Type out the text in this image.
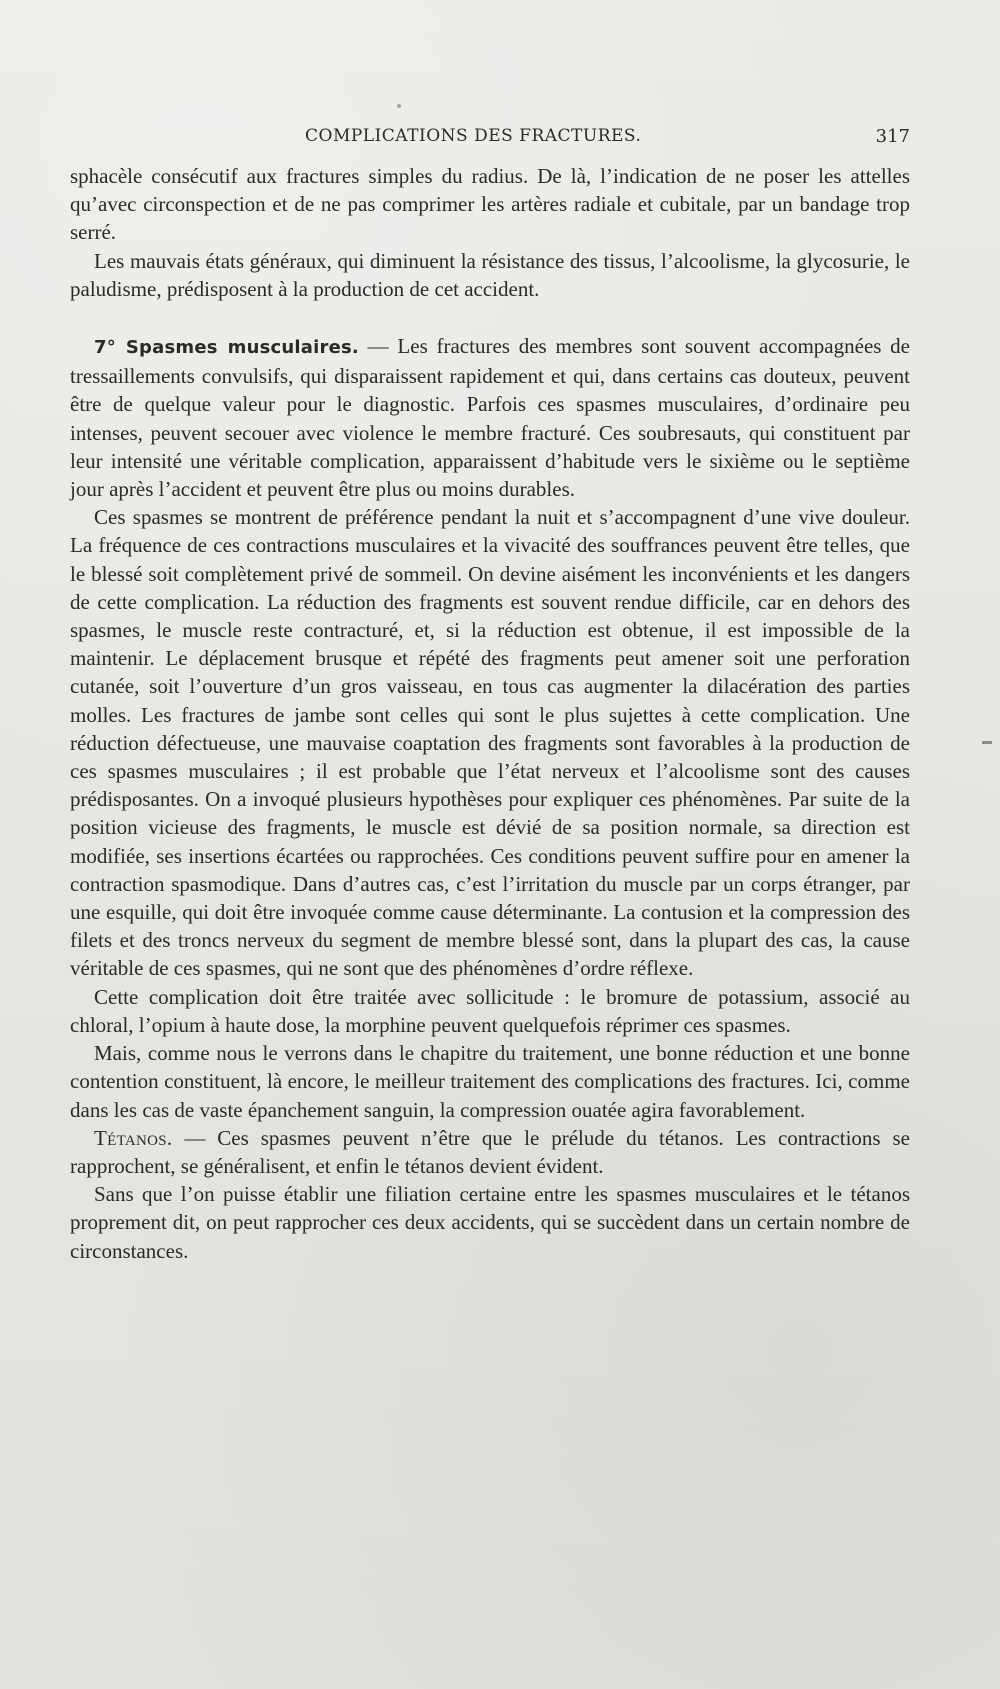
COMPLICATIONS DES FRACTURES.	317

sphacèle consécutif aux fractures simples du radius. De là, l’indication de ne poser les attelles qu’avec circonspection et de ne pas comprimer les artères radiale et cubitale, par un bandage trop serré.

Les mauvais états généraux, qui diminuent la résistance des tissus, l’alcoolisme, la glycosurie, le paludisme, prédisposent à la production de cet accident.

7° Spasmes musculaires. — Les fractures des membres sont souvent accompagnées de tressaillements convulsifs, qui disparaissent rapidement et qui, dans certains cas douteux, peuvent être de quelque valeur pour le diagnostic. Parfois ces spasmes musculaires, d’ordinaire peu intenses, peuvent secouer avec violence le membre fracturé. Ces soubresauts, qui constituent par leur intensité une véritable complication, apparaissent d’habitude vers le sixième ou le septième jour après l’accident et peuvent être plus ou moins durables.

Ces spasmes se montrent de préférence pendant la nuit et s’accompagnent d’une vive douleur. La fréquence de ces contractions musculaires et la vivacité des souffrances peuvent être telles, que le blessé soit complètement privé de sommeil. On devine aisément les inconvénients et les dangers de cette complication. La réduction des fragments est souvent rendue difficile, car en dehors des spasmes, le muscle reste contracturé, et, si la réduction est obtenue, il est impossible de la maintenir. Le déplacement brusque et répété des fragments peut amener soit une perforation cutanée, soit l’ouverture d’un gros vaisseau, en tous cas augmenter la dilacération des parties molles. Les fractures de jambe sont celles qui sont le plus sujettes à cette complication. Une réduction défectueuse, une mauvaise coaptation des fragments sont favorables à la production de ces spasmes musculaires ; il est probable que l’état nerveux et l’alcoolisme sont des causes prédisposantes. On a invoqué plusieurs hypothèses pour expliquer ces phénomènes. Par suite de la position vicieuse des fragments, le muscle est dévié de sa position normale, sa direction est modifiée, ses insertions écartées ou rapprochées. Ces conditions peuvent suffire pour en amener la contraction spasmodique. Dans d’autres cas, c’est l’irritation du muscle par un corps étranger, par une esquille, qui doit être invoquée comme cause déterminante. La contusion et la compression des filets et des troncs nerveux du segment de membre blessé sont, dans la plupart des cas, la cause véritable de ces spasmes, qui ne sont que des phénomènes d’ordre réflexe.

Cette complication doit être traitée avec sollicitude : le bromure de potassium, associé au chloral, l’opium à haute dose, la morphine peuvent quelquefois réprimer ces spasmes.

Mais, comme nous le verrons dans le chapitre du traitement, une bonne réduction et une bonne contention constituent, là encore, le meilleur traitement des complications des fractures. Ici, comme dans les cas de vaste épanchement sanguin, la compression ouatée agira favorablement.

Tétanos. — Ces spasmes peuvent n’être que le prélude du tétanos. Les contractions se rapprochent, se généralisent, et enfin le tétanos devient évident.

Sans que l’on puisse établir une filiation certaine entre les spasmes musculaires et le tétanos proprement dit, on peut rapprocher ces deux accidents, qui se succèdent dans un certain nombre de circonstances.
